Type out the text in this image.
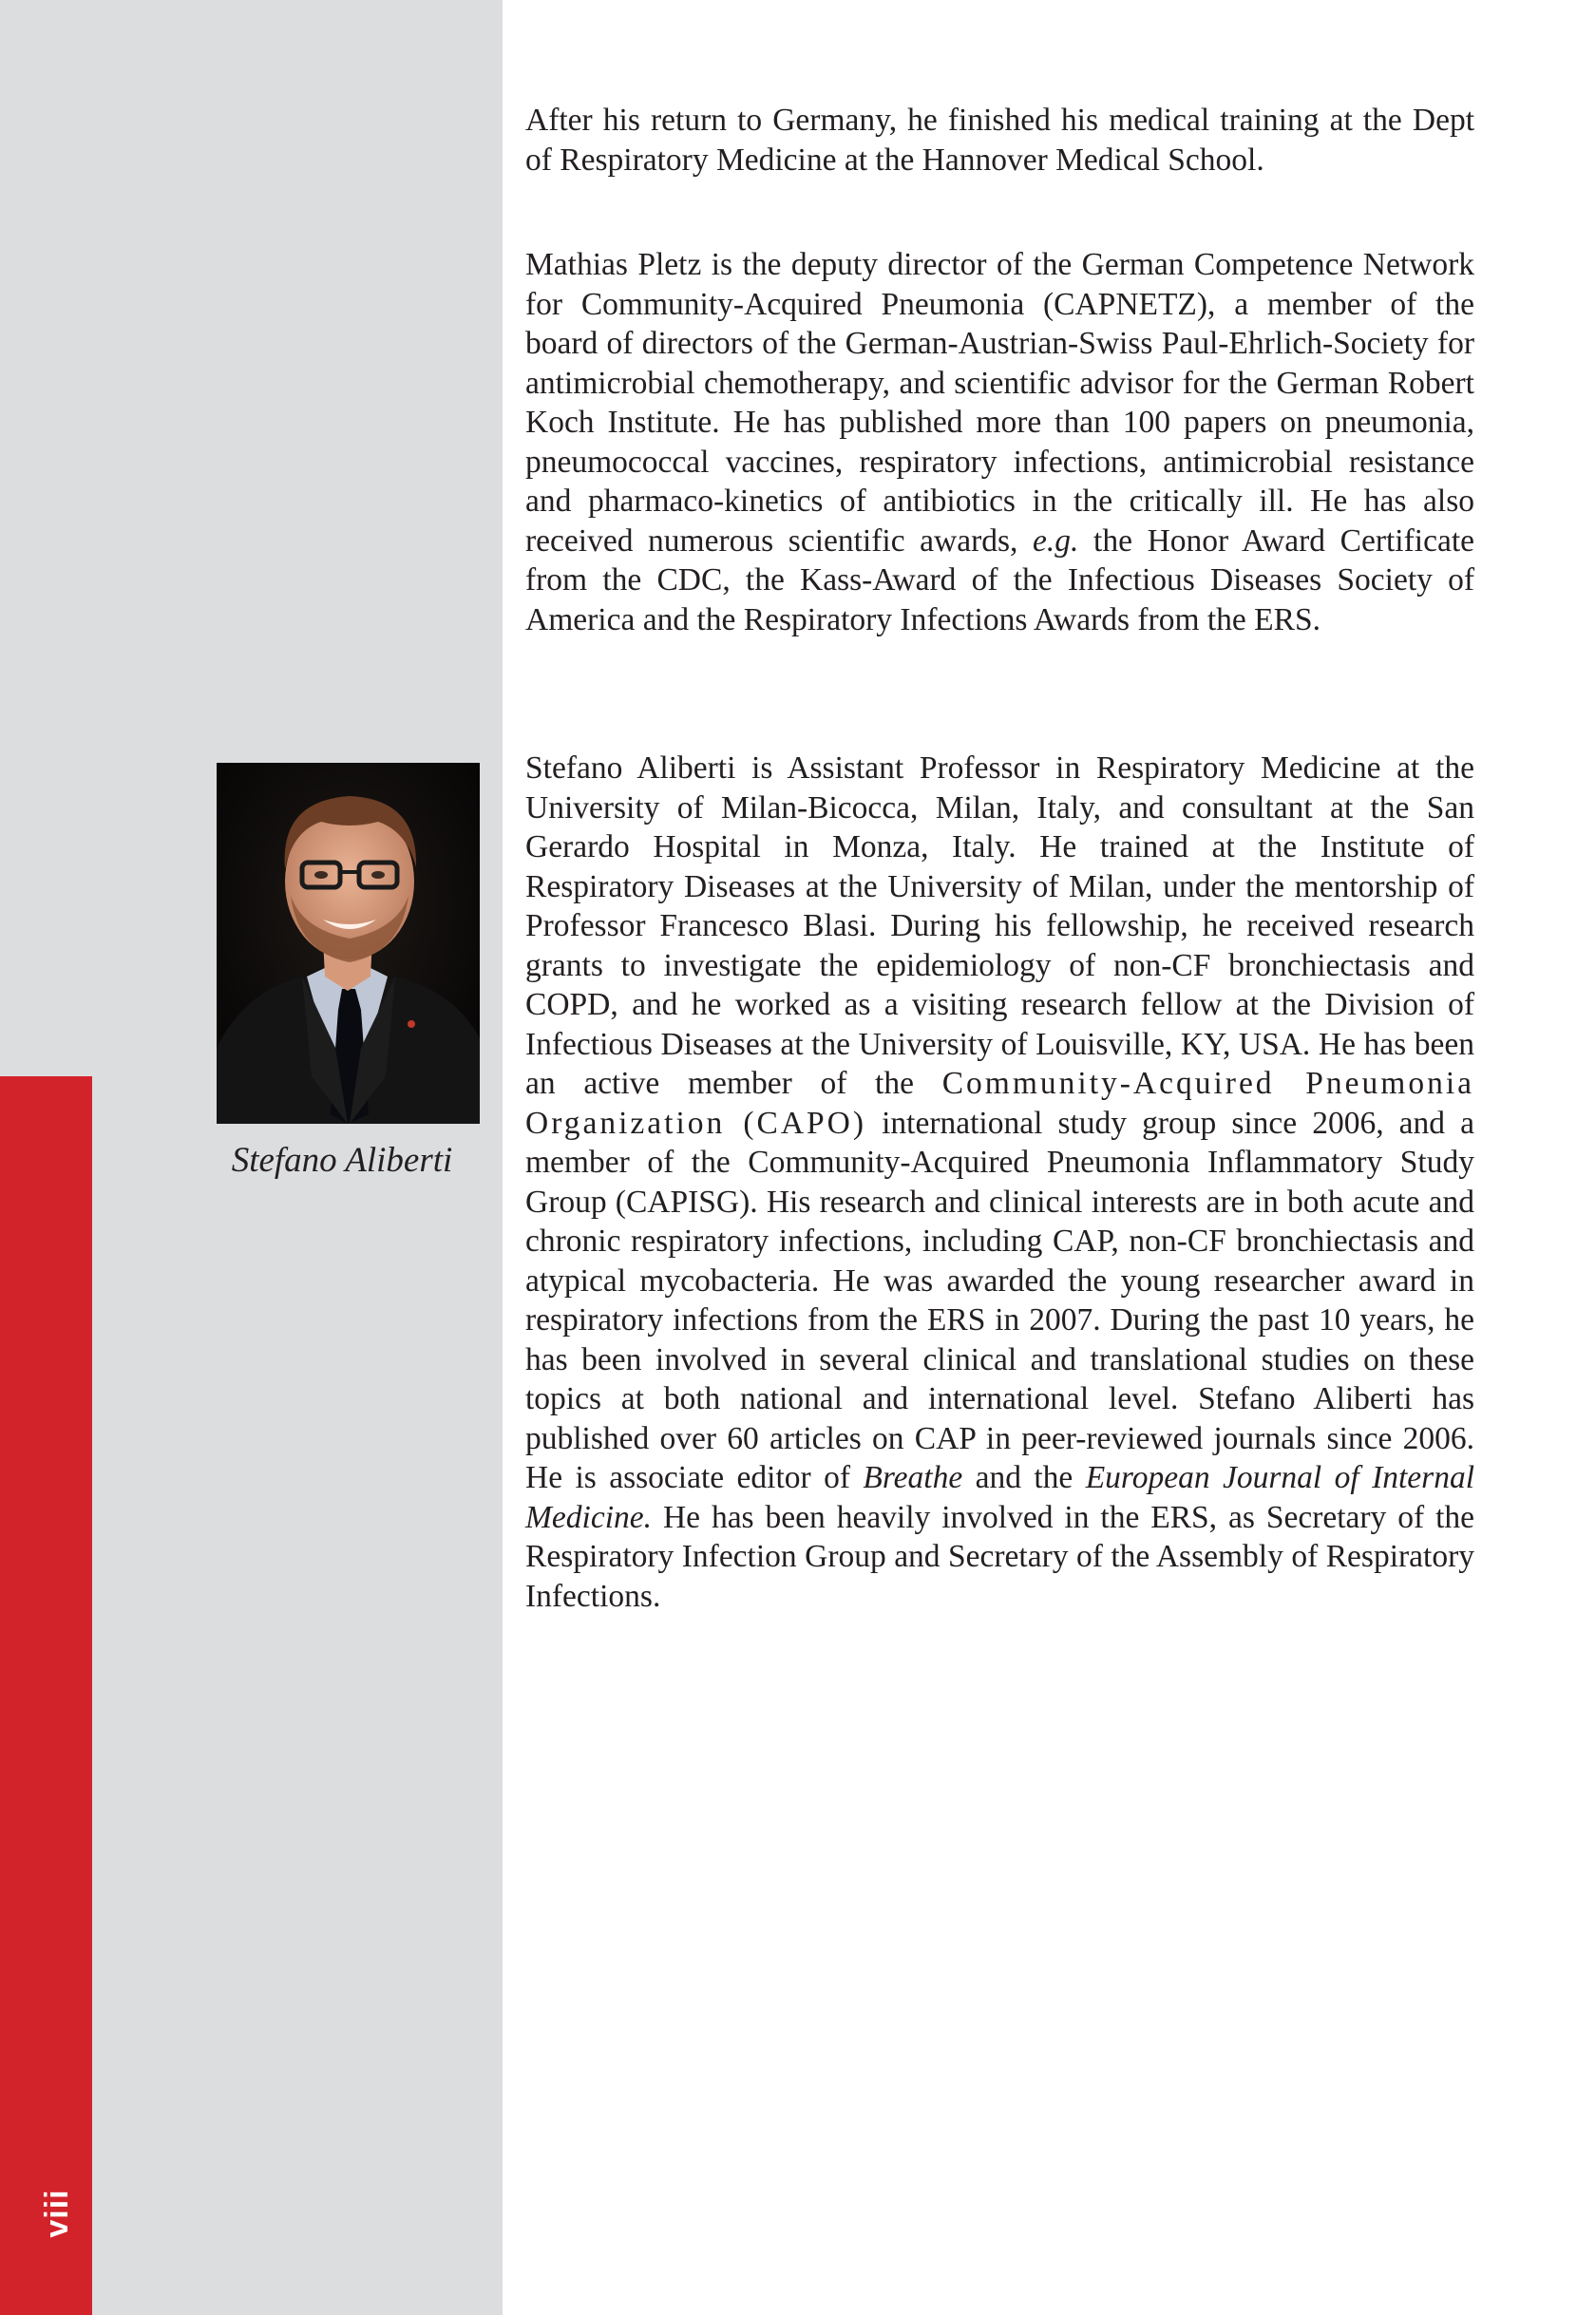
viii
Stefano Aliberti

After his return to Germany, he finished his medical training at the Dept of Respiratory Medicine at the Hannover Medical School.

Mathias Pletz is the deputy director of the German Competence Network for Community-Acquired Pneumonia (CAPNETZ), a member of the board of directors of the German-Austrian-Swiss Paul-Ehrlich-Society for antimicrobial chemotherapy, and scientific advisor for the German Robert Koch Institute. He has published more than 100 papers on pneumonia, pneumococcal vaccines, respiratory infections, antimicrobial resistance and pharmaco-kinetics of antibiotics in the critically ill. He has also received numerous scientific awards, e.g. the Honor Award Certificate from the CDC, the Kass-Award of the Infectious Diseases Society of America and the Respiratory Infections Awards from the ERS.

Stefano Aliberti is Assistant Professor in Respiratory Medicine at the University of Milan-Bicocca, Milan, Italy, and consultant at the San Gerardo Hospital in Monza, Italy. He trained at the Institute of Respiratory Diseases at the University of Milan, under the mentorship of Professor Francesco Blasi. During his fellowship, he received research grants to investigate the epidemiology of non-CF bronchiectasis and COPD, and he worked as a visiting research fellow at the Division of Infectious Diseases at the University of Louisville, KY, USA. He has been an active member of the Community-Acquired Pneumonia Organization (CAPO) international study group since 2006, and a member of the Community-Acquired Pneumonia Inflammatory Study Group (CAPISG). His research and clinical interests are in both acute and chronic respiratory infections, including CAP, non-CF bronchiectasis and atypical mycobacteria. He was awarded the young researcher award in respiratory infections from the ERS in 2007. During the past 10 years, he has been involved in several clinical and translational studies on these topics at both national and international level. Stefano Aliberti has published over 60 articles on CAP in peer-reviewed journals since 2006. He is associate editor of Breathe and the European Journal of Internal Medicine. He has been heavily involved in the ERS, as Secretary of the Respiratory Infection Group and Secretary of the Assembly of Respiratory Infections.
